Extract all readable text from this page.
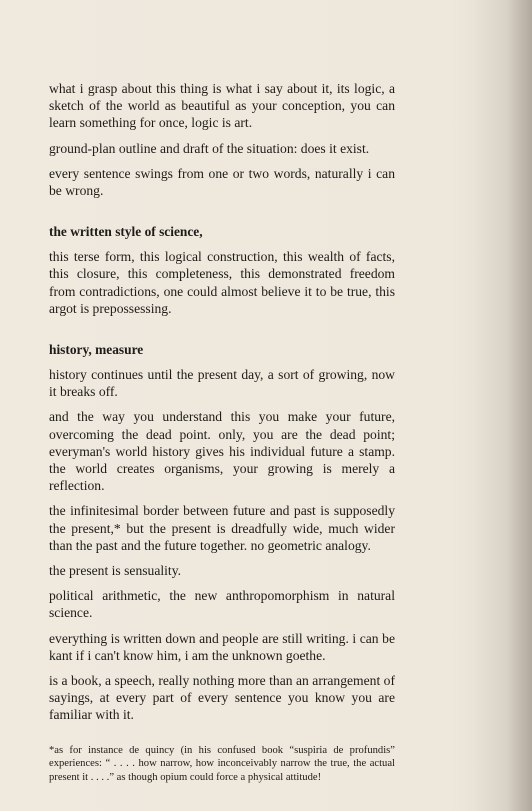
what i grasp about this thing is what i say about it, its logic, a sketch of the world as beautiful as your conception, you can learn something for once, logic is art.

ground-plan outline and draft of the situation: does it exist.

every sentence swings from one or two words, naturally i can be wrong.

the written style of science,

this terse form, this logical construction, this wealth of facts, this closure, this completeness, this demonstrated freedom from contradictions, one could almost believe it to be true, this argot is prepossessing.

history, measure

history continues until the present day, a sort of growing, now it breaks off.

and the way you understand this you make your future, overcoming the dead point. only, you are the dead point; everyman's world history gives his individual future a stamp. the world creates organisms, your growing is merely a reflection.

the infinitesimal border between future and past is supposedly the present,* but the present is dreadfully wide, much wider than the past and the future together. no geometric analogy.

the present is sensuality.

political arithmetic, the new anthropomorphism in natural science.

everything is written down and people are still writing. i can be kant if i can't know him, i am the unknown goethe.

is a book, a speech, really nothing more than an arrangement of sayings, at every part of every sentence you know you are familiar with it.

*as for instance de quincy (in his confused book “suspiria de profundis” experiences: “ . . . . how narrow, how inconceivably narrow the true, the actual present it . . . .” as though opium could force a physical attitude!
